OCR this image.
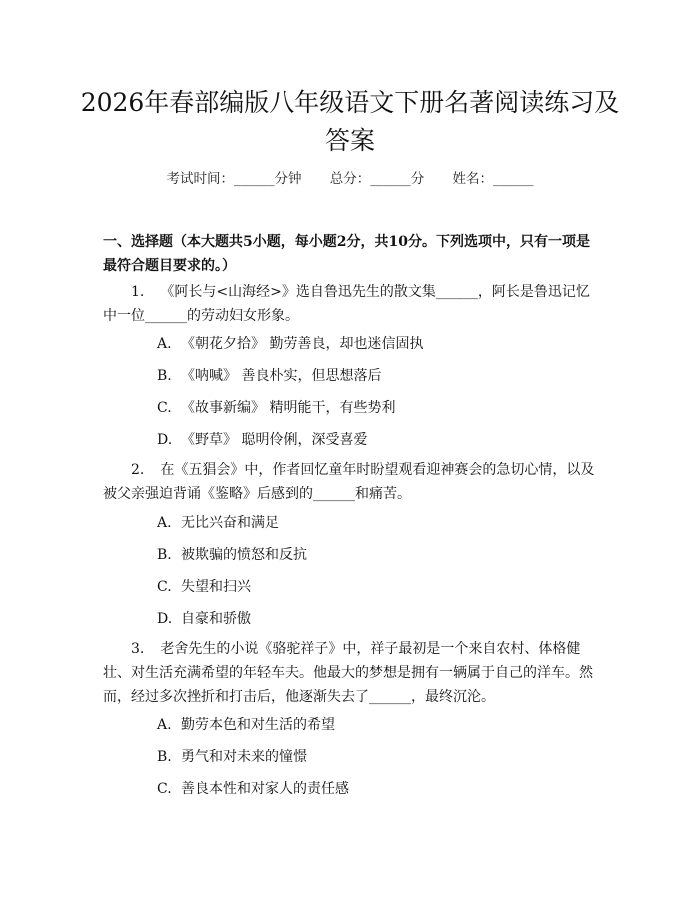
2026年春部编版八年级语文下册名著阅读练习及答案
考试时间：______分钟 总分：______分 姓名：______

一、选择题（本大题共5小题，每小题2分，共10分。下列选项中，只有一项是最符合题目要求的。）

1. 《阿长与<山海经>》选自鲁迅先生的散文集______，阿长是鲁迅记忆中一位______的劳动妇女形象。

A. 《朝花夕拾》 勤劳善良，却也迷信固执

B. 《呐喊》 善良朴实，但思想落后

C. 《故事新编》 精明能干，有些势利

D. 《野草》 聪明伶俐，深受喜爱

2. 在《五猖会》中，作者回忆童年时盼望观看迎神赛会的急切心情，以及被父亲强迫背诵《鉴略》后感到的______和痛苦。

A. 无比兴奋和满足

B. 被欺骗的愤怒和反抗

C. 失望和扫兴

D. 自豪和骄傲

3. 老舍先生的小说《骆驼祥子》中，祥子最初是一个来自农村、体格健壮、对生活充满希望的年轻车夫。他最大的梦想是拥有一辆属于自己的洋车。然而，经过多次挫折和打击后，他逐渐失去了______，最终沉沦。

A. 勤劳本色和对生活的希望

B. 勇气和对未来的憧憬

C. 善良本性和对家人的责任感
